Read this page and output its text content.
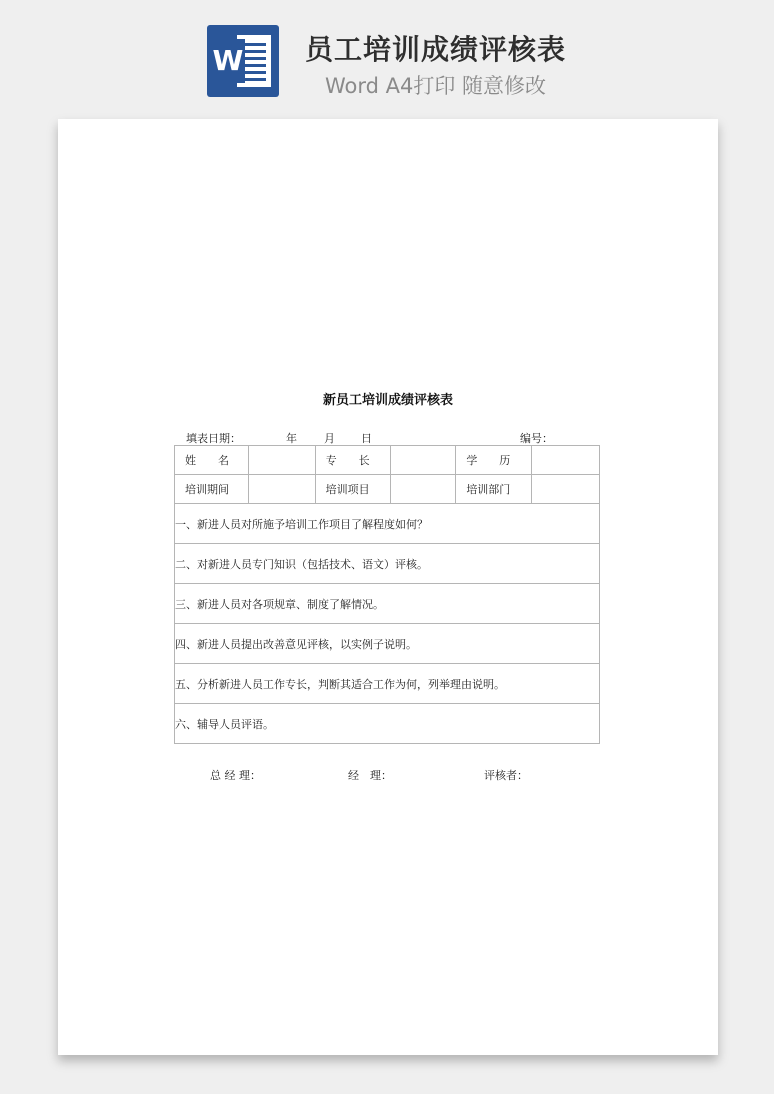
W 员工培训成绩评核表
Word A4打印 随意修改
新员工培训成绩评核表
填表日期：	年 月 日	编号：
姓　　名		专　　长		学　　历	
培训期间		培训项目		培训部门	
一、新进人员对所施予培训工作项目了解程度如何？					
二、对新进人员专门知识（包括技术、语文）评核。					
三、新进人员对各项规章、制度了解情况。					
四、新进人员提出改善意见评核，以实例子说明。					
五、分析新进人员工作专长，判断其适合工作为何，列举理由说明。					
六、辅导人员评语。					
总 经 理：	经　理：	评核者：
